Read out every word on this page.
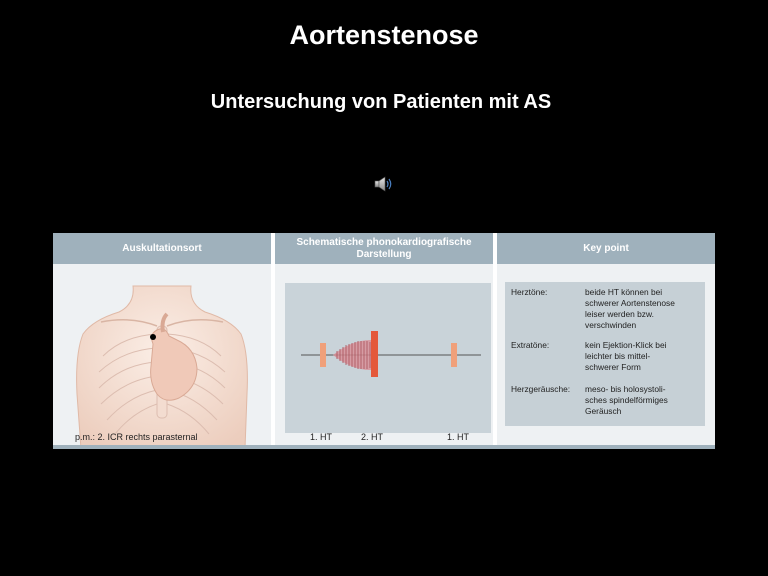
Aortenstenose
Untersuchung von Patienten mit AS
Auskultationsort
Schematische phonokardiografische
Darstellung
Key point
p.m.: 2. ICR rechts parasternal	1. HT	2. HT	1. HT
Herztöne:	beide HT können bei
schwerer Aortenstenose
leiser werden bzw.
verschwinden
Extratöne:	kein Ejektion-Klick bei
leichter bis mittel-
schwerer Form
Herzgeräusche: meso- bis holosystoli-
sches spindelförmiges
Geräusch
